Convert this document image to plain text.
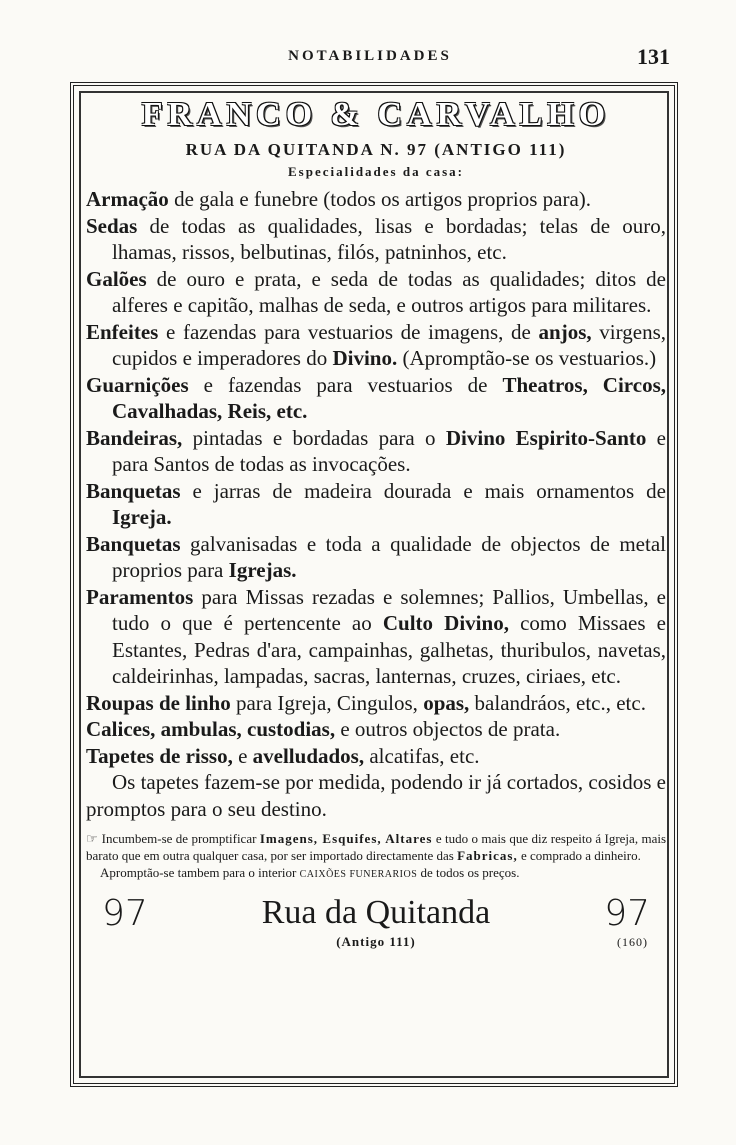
NOTABILIDADES	131
FRANCO & CARVALHO
RUA DA QUITANDA N. 97 (ANTIGO 111)
Especialidades da casa:

Armação de gala e funebre (todos os artigos proprios para).

Sedas de todas as qualidades, lisas e bordadas; telas de ouro, lhamas, rissos, belbutinas, filós, patninhos, etc.

Galões de ouro e prata, e seda de todas as qualidades; ditos de alferes e capitão, malhas de seda, e outros artigos para militares.

Enfeites e fazendas para vestuarios de imagens, de anjos, virgens, cupidos e imperadores do Divino. (Apromptão-se os vestuarios.)

Guarnições e fazendas para vestuarios de Theatros, Circos, Cavalhadas, Reis, etc.

Bandeiras, pintadas e bordadas para o Divino Espirito-Santo e para Santos de todas as invocações.

Banquetas e jarras de madeira dourada e mais ornamentos de Igreja.

Banquetas galvanisadas e toda a qualidade de objectos de metal proprios para Igrejas.

Paramentos para Missas rezadas e solemnes; Pallios, Umbellas, e tudo o que é pertencente ao Culto Divino, como Missaes e Estantes, Pedras d'ara, campainhas, galhetas, thuribulos, navetas, caldeirinhas, lampadas, sacras, lanternas, cruzes, ciriaes, etc.

Roupas de linho para Igreja, Cingulos, opas, balandráos, etc., etc.

Calices, ambulas, custodias, e outros objectos de prata.

Tapetes de risso, e avelludados, alcatifas, etc.

Os tapetes fazem-se por medida, podendo ir já cortados, cosidos e promptos para o seu destino.

☞ Incumbem-se de promptificar Imagens, Esquifes, Altares e tudo o mais que diz respeito á Igreja, mais barato que em outra qualquer casa, por ser importado directamente das Fabricas, e comprado a dinheiro.
Apromptão-se tambem para o interior CAIXÕES FUNERARIOS de todos os preços.
97	Rua da Quitanda	97
(Antigo 111)	(160)
